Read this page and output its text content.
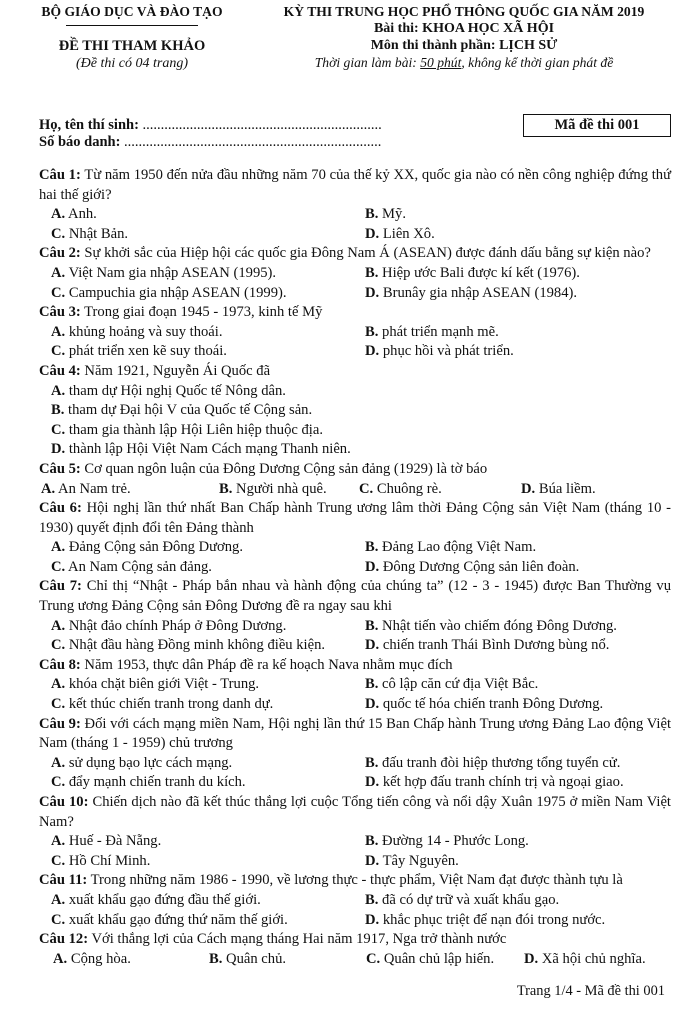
BỘ GIÁO DỤC VÀ ĐÀO TẠO
ĐỀ THI THAM KHẢO
(Đề thi có 04 trang)
KỲ THI TRUNG HỌC PHỔ THÔNG QUỐC GIA NĂM 2019
Bài thi: KHOA HỌC XÃ HỘI
Môn thi thành phần: LỊCH SỬ
Thời gian làm bài: 50 phút, không kể thời gian phát đề
Họ, tên thí sinh: ..................................................................
Số báo danh: .......................................................................
Mã đề thi 001
Câu 1: Từ năm 1950 đến nửa đầu những năm 70 của thế kỷ XX, quốc gia nào có nền công nghiệp đứng thứ hai thế giới?
A. Anh.	B. Mỹ.
C. Nhật Bản.	D. Liên Xô.
Câu 2: Sự khởi sắc của Hiệp hội các quốc gia Đông Nam Á (ASEAN) được đánh dấu bằng sự kiện nào?
A. Việt Nam gia nhập ASEAN (1995).	B. Hiệp ước Bali được kí kết (1976).
C. Campuchia gia nhập ASEAN (1999).	D. Brunây gia nhập ASEAN (1984).
Câu 3: Trong giai đoạn 1945 - 1973, kinh tế Mỹ
A. khủng hoảng và suy thoái.	B. phát triển mạnh mẽ.
C. phát triển xen kẽ suy thoái.	D. phục hồi và phát triển.
Câu 4: Năm 1921, Nguyễn Ái Quốc đã
A. tham dự Hội nghị Quốc tế Nông dân.
B. tham dự Đại hội V của Quốc tế Cộng sản.
C. tham gia thành lập Hội Liên hiệp thuộc địa.
D. thành lập Hội Việt Nam Cách mạng Thanh niên.
Câu 5: Cơ quan ngôn luận của Đông Dương Cộng sản đảng (1929) là tờ báo
A. An Nam trẻ.	B. Người nhà quê. C. Chuông rè.	D. Búa liềm.
Câu 6: Hội nghị lần thứ nhất Ban Chấp hành Trung ương lâm thời Đảng Cộng sản Việt Nam (tháng 10 - 1930) quyết định đổi tên Đảng thành
A. Đảng Cộng sản Đông Dương.	B. Đảng Lao động Việt Nam.
C. An Nam Cộng sản đảng.	D. Đông Dương Cộng sản liên đoàn.
Câu 7: Chỉ thị “Nhật - Pháp bắn nhau và hành động của chúng ta” (12 - 3 - 1945) được Ban Thường vụ Trung ương Đảng Cộng sản Đông Dương đề ra ngay sau khi
A. Nhật đảo chính Pháp ở Đông Dương.	B. Nhật tiến vào chiếm đóng Đông Dương.
C. Nhật đầu hàng Đồng minh không điều kiện.	D. chiến tranh Thái Bình Dương bùng nổ.
Câu 8: Năm 1953, thực dân Pháp đề ra kế hoạch Nava nhằm mục đích
A. khóa chặt biên giới Việt - Trung.	B. cô lập căn cứ địa Việt Bắc.
C. kết thúc chiến tranh trong danh dự.	D. quốc tế hóa chiến tranh Đông Dương.
Câu 9: Đối với cách mạng miền Nam, Hội nghị lần thứ 15 Ban Chấp hành Trung ương Đảng Lao động Việt Nam (tháng 1 - 1959) chủ trương
A. sử dụng bạo lực cách mạng.	B. đấu tranh đòi hiệp thương tổng tuyển cử.
C. đẩy mạnh chiến tranh du kích.	D. kết hợp đấu tranh chính trị và ngoại giao.
Câu 10: Chiến dịch nào đã kết thúc thắng lợi cuộc Tổng tiến công và nổi dậy Xuân 1975 ở miền Nam Việt Nam?
A. Huế - Đà Nẵng.	B. Đường 14 - Phước Long.
C. Hồ Chí Minh.	D. Tây Nguyên.
Câu 11: Trong những năm 1986 - 1990, về lương thực - thực phẩm, Việt Nam đạt được thành tựu là
A. xuất khẩu gạo đứng đầu thế giới.	B. đã có dự trữ và xuất khẩu gạo.
C. xuất khẩu gạo đứng thứ năm thế giới.	D. khắc phục triệt để nạn đói trong nước.
Câu 12: Với thắng lợi của Cách mạng tháng Hai năm 1917, Nga trở thành nước
A. Cộng hòa.	B. Quân chủ.	C. Quân chủ lập hiến. D. Xã hội chủ nghĩa.
Trang 1/4 - Mã đề thi 001
